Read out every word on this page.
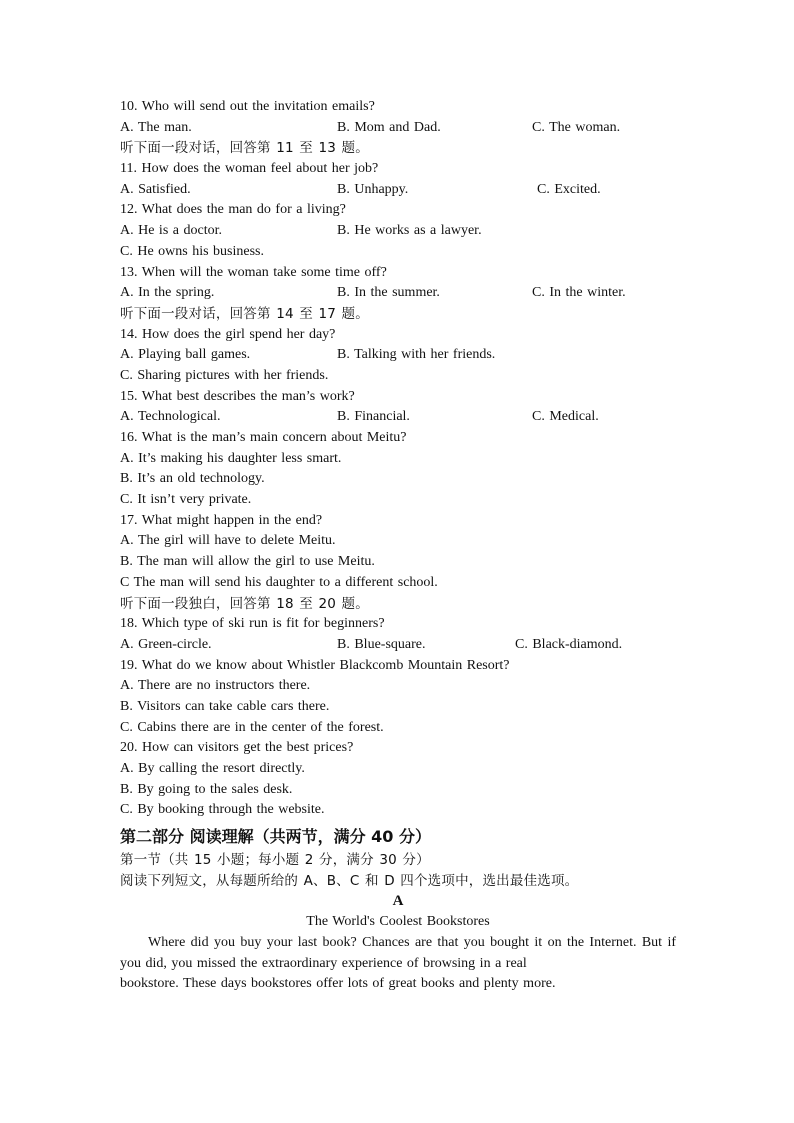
10. Who will send out the invitation emails?
A. The man.	B. Mom and Dad.	C. The woman.
听下面一段对话，回答第 11 至 13 题。
11. How does the woman feel about her job?
A. Satisfied.	B. Unhappy.	C. Excited.
12. What does the man do for a living?
A. He is a doctor.	B. He works as a lawyer.
C. He owns his business.
13. When will the woman take some time off?
A. In the spring.	B. In the summer.	C. In the winter.
听下面一段对话，回答第 14 至 17 题。
14. How does the girl spend her day?
A. Playing ball games.	B. Talking with her friends.
C. Sharing pictures with her friends.
15. What best describes the man’s work?
A. Technological.	B. Financial.	C. Medical.
16. What is the man’s main concern about Meitu?
A. It’s making his daughter less smart.
B. It’s an old technology.
C. It isn’t very private.
17. What might happen in the end?
A. The girl will have to delete Meitu.
B. The man will allow the girl to use Meitu.
C The man will send his daughter to a different school.
听下面一段独白，回答第 18 至 20 题。
18. Which type of ski run is fit for beginners?
A. Green-circle.	B. Blue-square.	C. Black-diamond.
19. What do we know about Whistler Blackcomb Mountain Resort?
A. There are no instructors there.
B. Visitors can take cable cars there.
C. Cabins there are in the center of the forest.
20. How can visitors get the best prices?
A. By calling the resort directly.
B. By going to the sales desk.
C. By booking through the website.
第二部分 阅读理解（共两节，满分 40 分）
第一节（共 15 小题；每小题 2 分，满分 30 分）
阅读下列短文，从每题所给的 A、B、C 和 D 四个选项中，选出最佳选项。
A
The World's Coolest Bookstores
Where did you buy your last book? Chances are that you bought it on the Internet. But if you did, you missed the extraordinary experience of browsing in a real
bookstore. These days bookstores offer lots of great books and plenty more.
